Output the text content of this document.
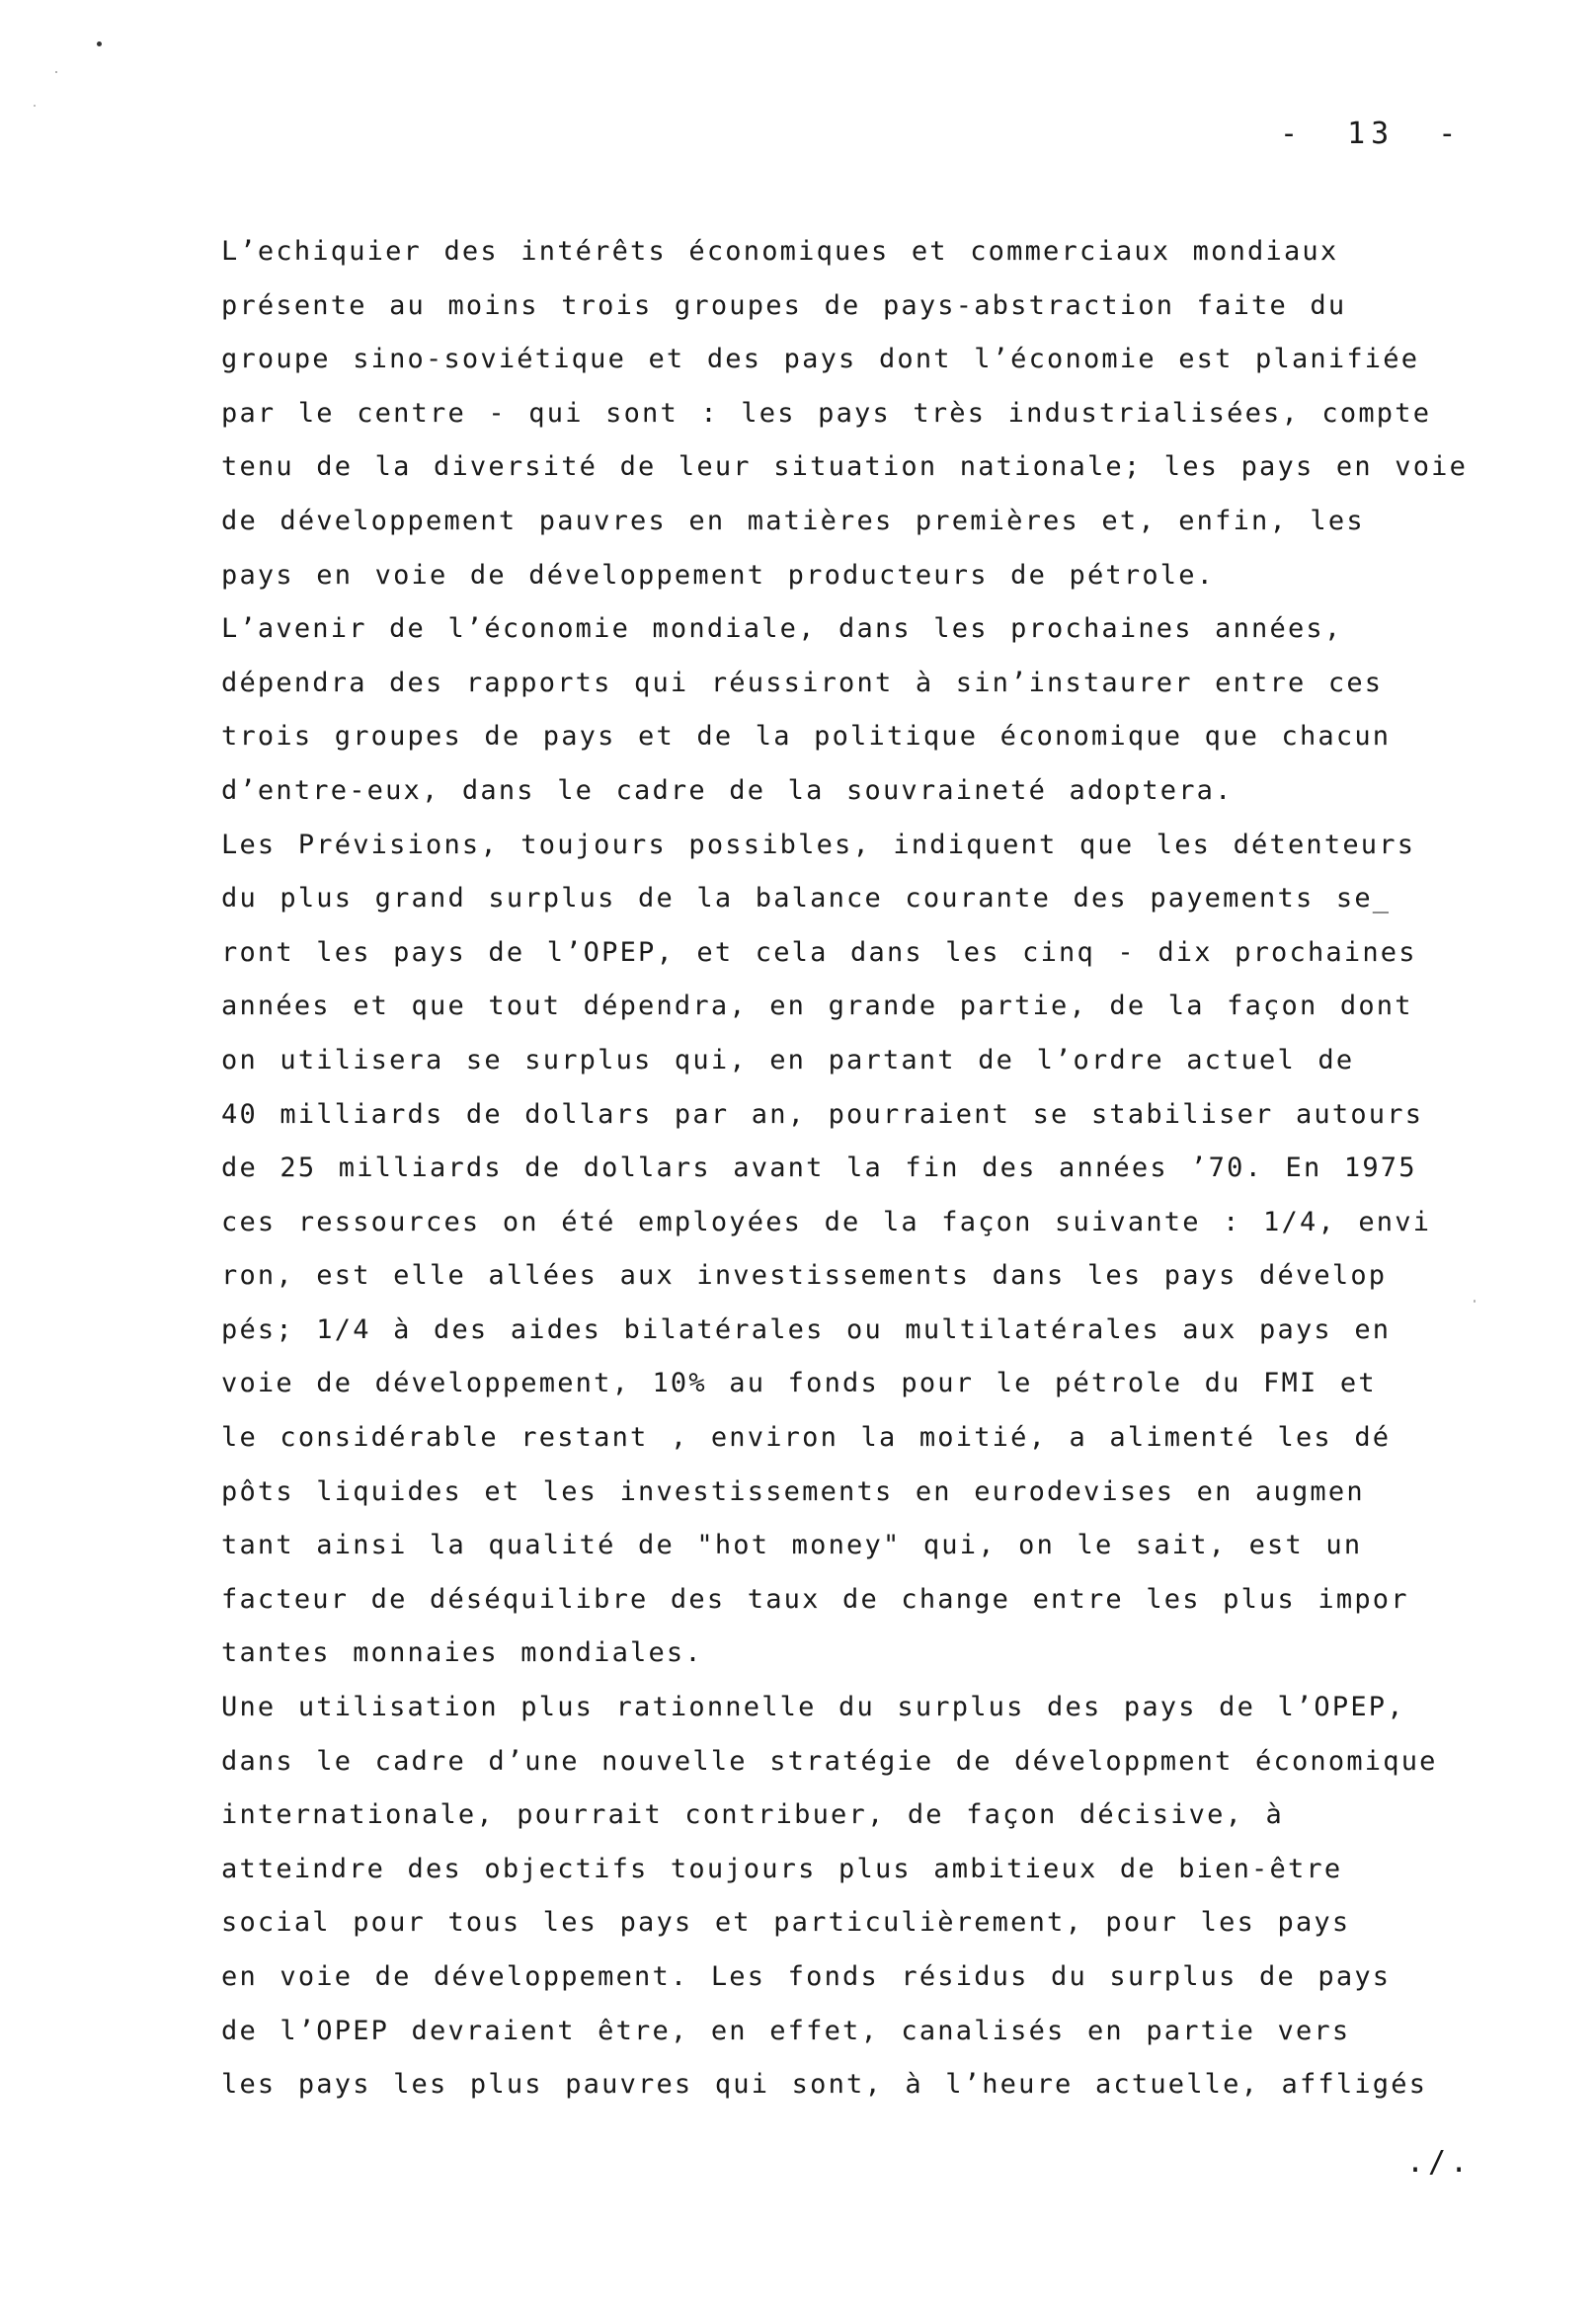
- 13 -
L’echiquier des intérêts économiques et commerciaux mondiaux
présente au moins trois groupes de pays-abstraction faite du
groupe sino-soviétique et des pays dont l’économie est planifiée
par le centre - qui sont : les pays très industrialisées, compte
tenu de la diversité de leur situation nationale; les pays en voie
de développement pauvres en matières premières et, enfin, les
pays en voie de développement producteurs de pétrole.
L’avenir de l’économie mondiale, dans les prochaines années,
dépendra des rapports qui réussiront à sin’instaurer entre ces
trois groupes de pays et de la politique économique que chacun
d’entre-eux, dans le cadre de la souvraineté adoptera.
Les Prévisions, toujours possibles, indiquent que les détenteurs
du plus grand surplus de la balance courante des payements se_
ront les pays de l’OPEP, et cela dans les cinq - dix prochaines
années et que tout dépendra, en grande partie, de la façon dont
on utilisera se surplus qui, en partant de l’ordre actuel de
40 milliards de dollars par an, pourraient se stabiliser autours
de 25 milliards de dollars avant la fin des années ’70. En 1975
ces ressources on été employées de la façon suivante : 1/4, envi
ron, est elle allées aux investissements dans les pays dévelop
pés; 1/4 à des aides bilatérales ou multilatérales aux pays en
voie de développement, 10% au fonds pour le pétrole du FMI et
le considérable restant , environ la moitié, a alimenté les dé
pôts liquides et les investissements en eurodevises en augmen
tant ainsi la qualité de "hot money" qui, on le sait, est un
facteur de déséquilibre des taux de change entre les plus impor
tantes monnaies mondiales.
Une utilisation plus rationnelle du surplus des pays de l’OPEP,
dans le cadre d’une nouvelle stratégie de développment économique
internationale, pourrait contribuer, de façon décisive, à
atteindre des objectifs toujours plus ambitieux de bien-être
social pour tous les pays et particulièrement, pour les pays
en voie de développement. Les fonds résidus du surplus de pays
de l’OPEP devraient être, en effet, canalisés en partie vers
les pays les plus pauvres qui sont, à l’heure actuelle, affligés
./.
